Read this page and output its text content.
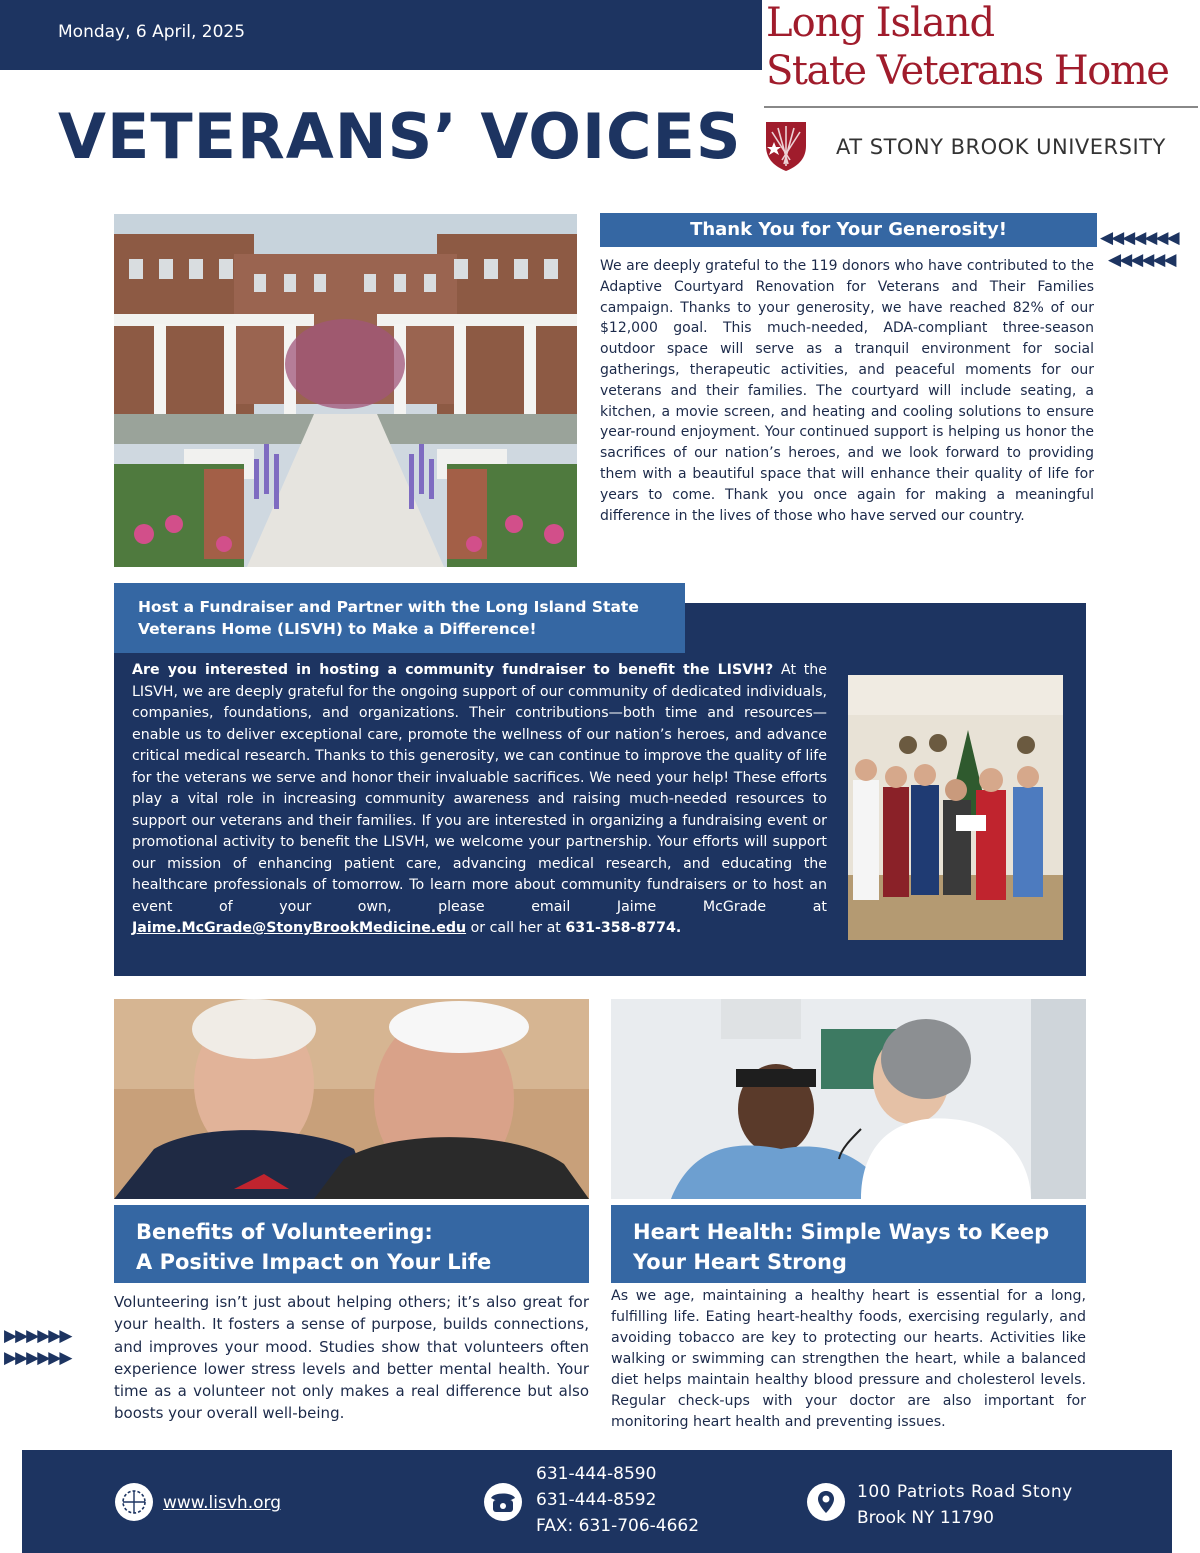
Monday, 6 April, 2025
VETERANS’ VOICES
Long Island
State Veterans Home
AT STONY BROOK UNIVERSITY
◀◀◀◀◀◀◀
◀◀◀◀◀◀
Thank You for Your Generosity!
We are deeply grateful to the 119 donors who have contributed to the Adaptive Courtyard Renovation for Veterans and Their Families campaign. Thanks to your generosity, we have reached 82% of our $12,000 goal. This much-needed, ADA-compliant three-season outdoor space will serve as a tranquil environment for social gatherings, therapeutic activities, and peaceful moments for our veterans and their families. The courtyard will include seating, a kitchen, a movie screen, and heating and cooling solutions to ensure year-round enjoyment. Your continued support is helping us honor the sacrifices of our nation’s heroes, and we look forward to providing them with a beautiful space that will enhance their quality of life for years to come. Thank you once again for making a meaningful difference in the lives of those who have served our country.
Host a Fundraiser and Partner with the Long Island State Veterans Home (LISVH) to Make a Difference!
Are you interested in hosting a community fundraiser to benefit the LISVH? At the LISVH, we are deeply grateful for the ongoing support of our community of dedicated individuals, companies, foundations, and organizations. Their contributions—both time and resources—enable us to deliver exceptional care, promote the wellness of our nation’s heroes, and advance critical medical research. Thanks to this generosity, we can continue to improve the quality of life for the veterans we serve and honor their invaluable sacrifices. We need your help! These efforts play a vital role in increasing community awareness and raising much-needed resources to support our veterans and their families. If you are interested in organizing a fundraising event or promotional activity to benefit the LISVH, we welcome your partnership. Your efforts will support our mission of enhancing patient care, advancing medical research, and educating the healthcare professionals of tomorrow. To learn more about community fundraisers or to host an event of your own, please email Jaime McGrade at Jaime.McGrade@StonyBrookMedicine.edu or call her at 631-358-8774.
Benefits of Volunteering:
A Positive Impact on Your Life
Volunteering isn’t just about helping others; it’s also great for your health. It fosters a sense of purpose, builds connections, and improves your mood. Studies show that volunteers often experience lower stress levels and better mental health. Your time as a volunteer not only makes a real difference but also boosts your overall well-being.
▶▶▶▶▶▶
▶▶▶▶▶▶
Heart Health: Simple Ways to Keep
Your Heart Strong
As we age, maintaining a healthy heart is essential for a long, fulfilling life. Eating heart-healthy foods, exercising regularly, and avoiding tobacco are key to protecting our hearts. Activities like walking or swimming can strengthen the heart, while a balanced diet helps maintain healthy blood pressure and cholesterol levels. Regular check-ups with your doctor are also important for monitoring heart health and preventing issues.
www.lisvh.org
631-444-8590
631-444-8592
FAX: 631-706-4662
100 Patriots Road Stony
Brook NY 11790
